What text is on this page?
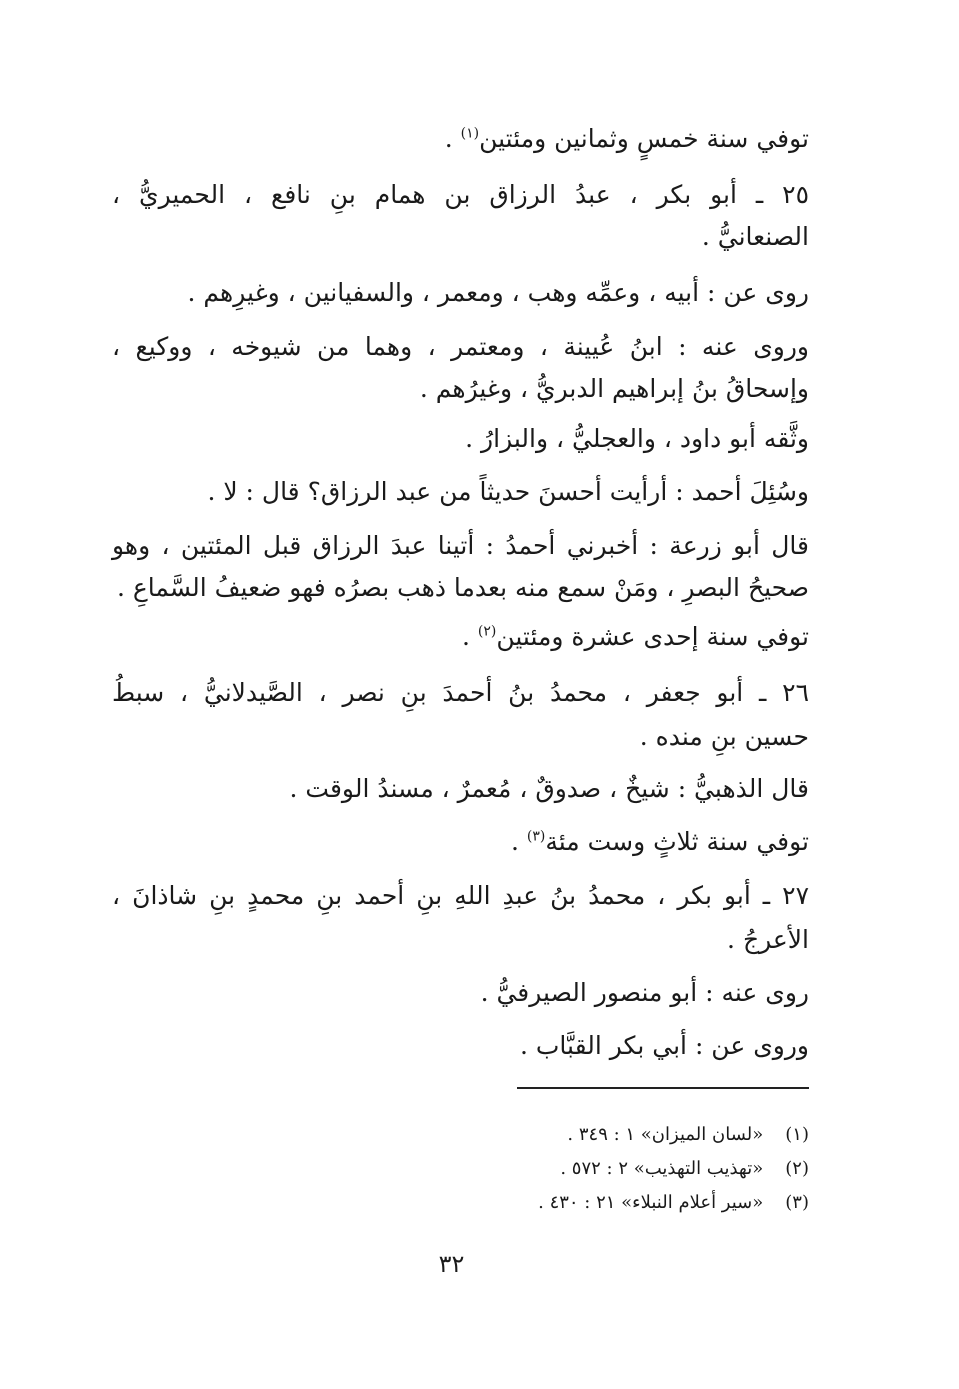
توفي سنة خمسٍ وثمانين ومئتين$^{(١)}$ .
٢٥ ـ أبو بكر ، عبدُ الرزاق بن همام بنِ نافع ، الحميريُّ ،
الصنعانيُّ .
روى عن : أبيه ، وعمِّه وهب ، ومعمر ، والسفيانين ، وغيرِهم .
وروى عنه : ابنُ عُيينة ، ومعتمر ، وهما من شيوخه ، ووكيع ،
وإسحاقُ بنُ إبراهيم الدبريُّ ، وغيرُهم .
وثَّقه أبو داود ، والعجليُّ ، والبزارُ .
وسُئِلَ أحمد : أرأيت أحسنَ حديثاً من عبد الرزاق؟ قال : لا .
قال أبو زرعة : أخبرني أحمدُ : أتينا عبدَ الرزاق قبل المئتين ، وهو
صحيحُ البصرِ ، ومَنْ سمع منه بعدما ذهب بصرُه فهو ضعيفُ السَّماعِ .
توفي سنة إحدى عشرة ومئتين$^{(٢)}$ .
٢٦ ـ أبو جعفر ، محمدُ بنُ أحمدَ بنِ نصر ، الصَّيدلانيُّ ، سبطُ
حسين بنِ منده .
قال الذهبيُّ : شيخٌ ، صدوقٌ ، مُعمرٌ ، مسندُ الوقت .
توفي سنة ثلاثٍ وست مئة$^{(٣)}$ .
٢٧ ـ أبو بكر ، محمدُ بنُ عبدِ اللهِ بنِ أحمد بنِ محمدٍ بنِ شاذانَ ،
الأعرجُ .
روى عنه : أبو منصور الصيرفيُّ .
وروى عن : أبي بكر القبَّاب .
(١)«لسان الميزان» ١ : ٣٤٩ .
(٢)«تهذيب التهذيب» ٢ : ٥٧٢ .
(٣)«سير أعلام النبلاء» ٢١ : ٤٣٠ .
٣٢
